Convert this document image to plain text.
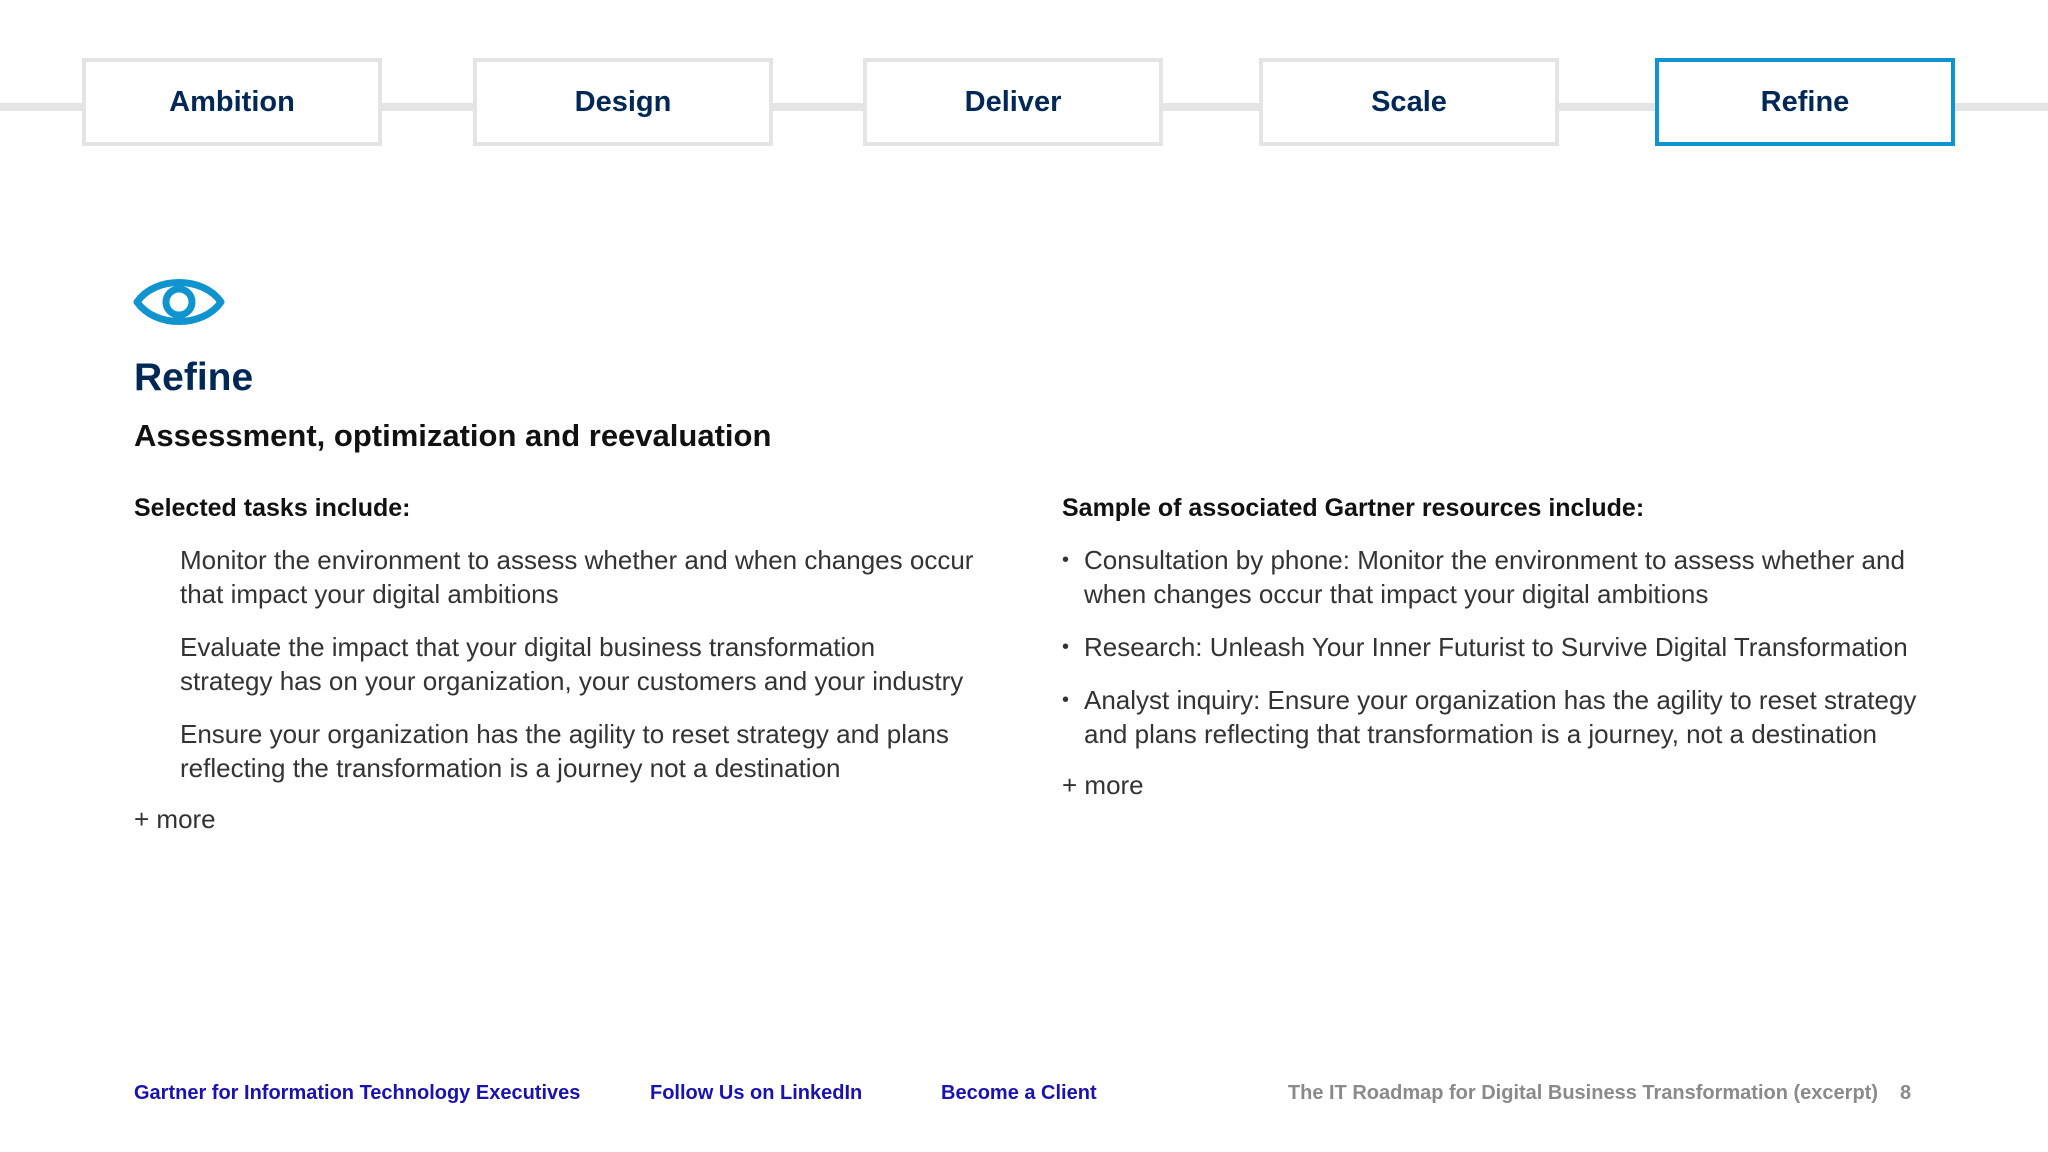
Ambition	Design	Deliver	Scale	Refine
Refine
Assessment, optimization and reevaluation

Selected tasks include:

Monitor the environment to assess whether and when changes occur that impact your digital ambitions
Evaluate the impact that your digital business transformation strategy has on your organization, your customers and your industry
Ensure your organization has the agility to reset strategy and plans reflecting the transformation is a journey not a destination
+ more

Sample of associated Gartner resources include:

• Consultation by phone: Monitor the environment to assess whether and when changes occur that impact your digital ambitions
• Research: Unleash Your Inner Futurist to Survive Digital Transformation
• Analyst inquiry: Ensure your organization has the agility to reset strategy and plans reflecting that transformation is a journey, not a destination
+ more
Gartner for Information Technology Executives	Follow Us on LinkedIn	Become a Client	The IT Roadmap for Digital Business Transformation (excerpt) 8
